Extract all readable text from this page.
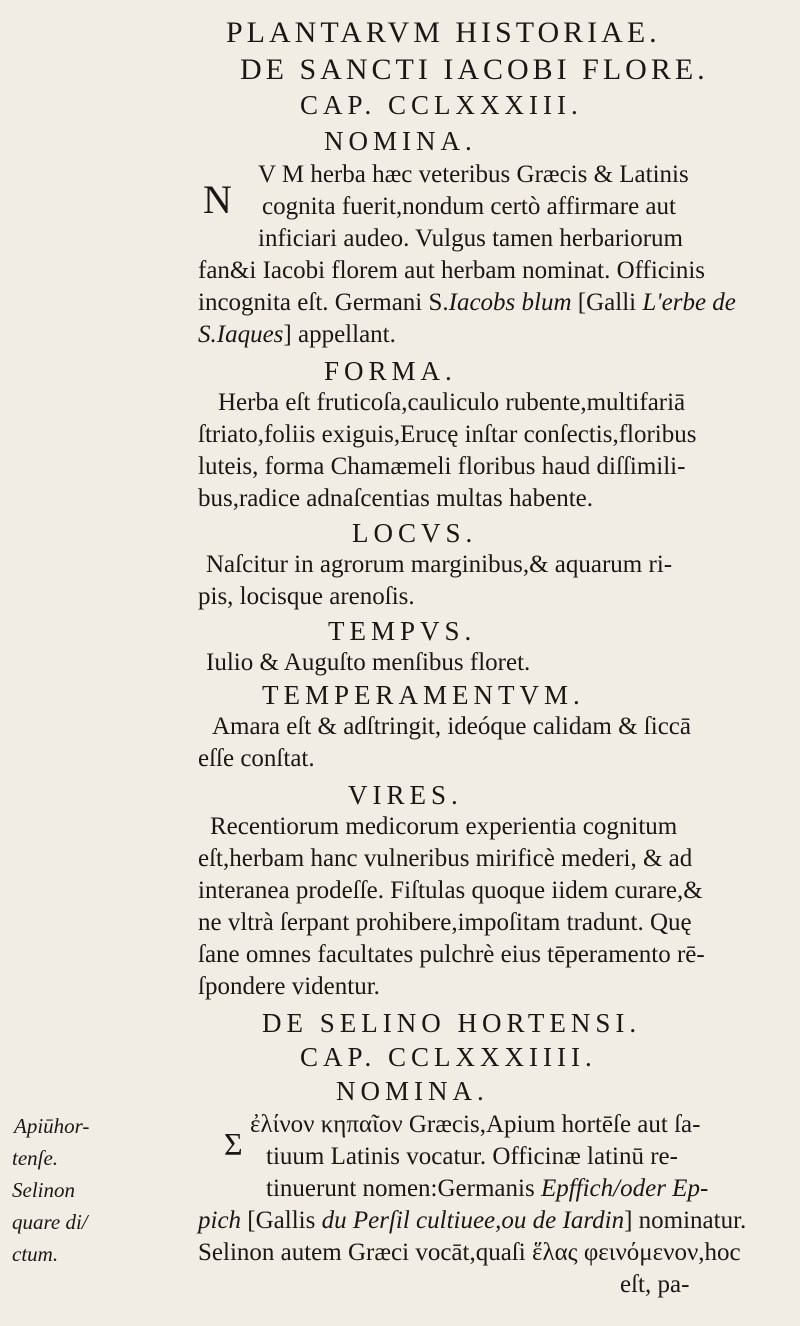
PLANTARVM HISTORIAE.
DE SANCTI IACOBI FLORE.
CAP. CCLXXXIII.
NOMINA.
N
V M herba hæc veteribus Græcis & Latinis
cognita fuerit,nondum certò affirmare aut
inficiari audeo. Vulgus tamen herbariorum
fan&i Iacobi florem aut herbam nominat. Officinis
incognita eſt. Germani S.Iacobs blum [Galli L'erbe de
S.Iaques] appellant.
FORMA.
Herba eſt fruticoſa,cauliculo rubente,multifariā
ſtriato,foliis exiguis,Erucę inſtar conſectis,floribus
luteis, forma Chamæmeli floribus haud diſſimili-
bus,radice adnaſcentias multas habente.
LOCVS.
Naſcitur in agrorum marginibus,& aquarum ri-
pis, locisque arenoſis.
TEMPVS.
Iulio & Auguſto menſibus floret.
TEMPERAMENTVM.
Amara eſt & adſtringit, ideóque calidam & ſiccā
eſſe conſtat.
VIRES.
Recentiorum medicorum experientia cognitum
eſt,herbam hanc vulneribus mirificè mederi, & ad
interanea prodeſſe. Fiſtulas quoque iidem curare,&
ne vltrà ſerpant prohibere,impoſitam tradunt. Quę
ſane omnes facultates pulchrè eius tēperamento rē-
ſpondere videntur.
DE SELINO HORTENSI.
CAP. CCLXXXIIII.
NOMINA.
Σ
ἐλίνον κηπαῖον Græcis,Apium hortēſe aut ſa-
tiuum Latinis vocatur. Officinæ latinū re-
tinuerunt nomen:Germanis Epffich/oder Ep-
pich [Gallis du Perſil cultiuee,ou de Iardin] nominatur.
Selinon autem Græci vocāt,quaſi ἕλας φεινόμενον,hoc
eſt, pa-
Apiūhor-
tenſe.
Selinon
quare di/
ctum.
